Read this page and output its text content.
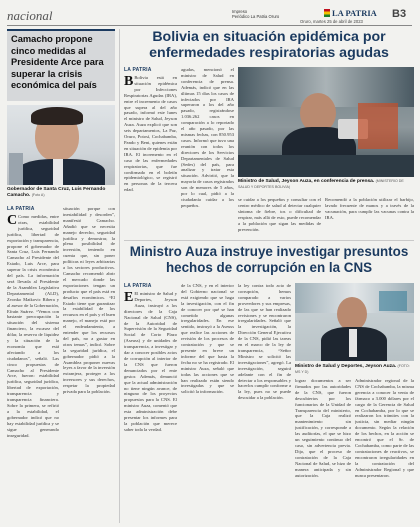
nacional	Impreso
Periódico La Patria Oruro	LA PATRIA
Oruro, martes 25 de abril de 2023
B3
Camacho propone cinco medidas al Presidente Arce para superar la crisis económica del país
Gobernador de Santa Cruz, Luis Fernando Camacho. (Foto A)
LA PATRIA
C Como medidas, entre otras, estabilidad jurídica, seguridad jurídica, libertad de exportación y transparencia, propone el gobernador de Santa Cruz, Luis Fernando Camacho al Presidente del Estado, Luis Arce, para superar la crisis económica del país. La información será llevada al Presidente de la Asamblea Legislativa Departamental (ALD), Zvonko Matkovic Ribera y al asesor de la Gobernación, Efraín Suárez. “Vemos con bastante preocupación la situación del sistema financiero, la escasez del dólar, la reserva de liquidez y la situación de la economía que está afectando a los ciudadanos”, señaló. Las cinco propuestas de Camacho al Presidente Arce, fueron: estabilidad jurídica, seguridad jurídica, libertad de exportación, transparencia y transparencia financiera. Sobre la primera, se refirió a la estabilidad, el gobernador indicó que no hay estabilidad jurídica y se sigue generando inseguridad.
situación porque con inestabilidad y desorden”, manifestó Camacho. Añadió que se necesita manejo derecho, seguridad jurídica y demostrar, la plena posibilidad de inversión, teniendo en cuenta que, sin poner políticas ni leyes arbitrarias a los sectores productivos. Camacho recomendó abrir el mercado donde las exportaciones tengan un producto que el país está en desafíos económicos. “El Estado tiene que garantizar la estabilidad de los recursos en el país y el buen manejo, el manejo está por el endeudamiento, a entender que los recursos del país, no a gastar en otros temas”, indicó. Sobre la seguridad jurídica, el gobernador pidió a la Asamblea proponer nuevas leyes a favor de la inversión extranjera, proteger a los inversores y sus derechos, respetar la propiedad privada para la población.
Bolivia en situación epidémica por enfermedades respiratorias agudas
LA PATRIA
B Bolivia está en situación epidémica por Infecciones Respiratorias Agudas (IRA), entre el incremento de casos que supera al del año pasado, informó este lunes el ministro de Salud, Jeyson Auza. Auza explicó que son seis departamentos, La Paz, Oruro, Potosí, Cochabamba, Pando y Beni, quienes están en situación de epidemia por IRA. El incremento en el caso de las enfermedades respiratorias, que fue confirmado en el boletín epidemiológico, se registró en personas de la tercera edad.
agudas, mencionó el ministro de Salud en conferencia de prensa. Además, indicó que en las últimas 15 días los casos de infectados por IRA superaron a los del año pasado, registrándose 1.036.262 casos en comparación a lo reportado el año pasado, por las mismas fechas, con 850.953 casos. Informó que tuvo una reunión con todos los directores de los Servicios Departamentales de Salud (Sedes) del país, para analizar y tratar esta situación. Advirtió, que la mayoría de casos registrados son de menores de 5 años, por lo cual, pidió a la ciudadanía cuidar a los pequeños.
Ministro de Salud, Jeyson Auza, en conferencia de prensa. (MINISTERIO DE SALUD Y DEPORTES BOLIVIA)
se cuidar a los pequeños y consultar con el centro médico de salud al detectar cualquier síntoma de fiebre, tos o dificultad de respirar, más allá de esto, puede recomendar a la población que sigan las medidas de prevención.
Recomendó a la población utilizar el barbijo, lavado frecuente de manos y a través de la vacunación, para cumplir las vacunas contra la IRA.
Ministro Auza instruye investigar presuntos hechos de corrupción en la CNS
LA PATRIA
E El ministro de Salud y Deportes, Jeyson Auza, instruyó a los directores de la Caja Nacional de Salud (CNS), de la Autoridad de Supervisión de la Seguridad Social de Corto Plazo (Aseuss) y de unidades de transparencia, a investigar y dar a conocer posibles actos de corrupción al interior de la CNS que fueron denunciados por el ente gestor. Además, denunció que la actual administración no tiene ningún avance, de ninguno de los proyectos propuestos para la CNS. El ministro Auza, comentó que esta administración debe presentar los informes para la población que merece saber toda la verdad.
de la CNS, y en el interior del Gobierno nacional se está exigiendo que se haga la investigación, con el fin de conocer por qué se han cometido algunas irregularidades. En ese sentido, instruyó a la Aseuss que realice las acciones de revisión de los procesos de contratación y que se presente en breve un informe del que hasta la fecha no se ha registrado. El ministro Auza, señaló que todas las acciones que se han realizado están siendo investigadas y que se solicitó la información.
la ley contra todo acto de corrupción, hemos comparado a varios proveedores y sus empresas, de las que se han realizado revisiones y se encontraron irregularidades. Señaló que la investigación, la Dirección General Ejecutiva de la CNS, pidió las tareas en el marco de la ley de transparencia, “Señor Ministro se solicitó las investigaciones”, agregó. La investigación, seguirá adelante con el fin de detectar a los responsables y hacerlos cumplir conforme a la ley, pues no se puede descuidar a la población.
Ministro de Salud y Deportes, Jeyson Auza. (FOTO: MS Y D)
lograr documentos a ser firmados por las autoridades de la CNS, que fueron descubiertos por los funcionarios de la Unidad de Transparencia del ministerio, que la Caja realizó mantenimiento sin justificación, y corresponde a las auditorías, el que se hizo un seguimiento continuo del caso, sin advertencia previa. Dijo, que el proceso de contratación de la Caja Nacional de Salud, se hizo de manera anticipada y sin autorización.
Administrador regional de la CNS de Cochabamba, la misma gerencia a conocer la venta de fármaco a 3.000 dólares por el cargo de la Gerencia de Salud en Cochabamba, por lo que se realizaron los trámites con la justicia, sin mediar ningún documento. Según la relación de los hechos, en la acción se encontró que el Sr. de Cochabamba, como parte de las contrataciones de reactivos, se encontraron irregularidades en la contratación del Administrador Regional y que nunca presentaron.
